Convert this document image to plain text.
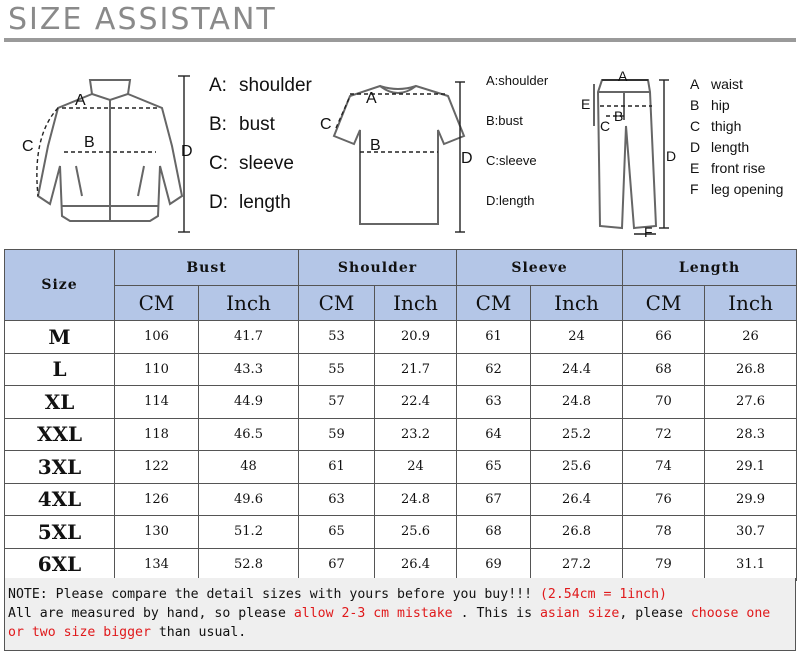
SIZE ASSISTANT
A
B
C	D
A: shoulder
B: bust
C: sleeve
D: length
A
B
C
D
A:shoulder
B:bust
C:sleeve
D:length
A
B
C
D
E
F
A waist
B hip
C thigh
D length
E front rise
F leg opening
Size	Bust		Shoulder		Sleeve		Length	
	CM	Inch	CM	Inch	CM	Inch	CM	Inch
M	106	41.7	53	20.9	61	24	66	26
L	110	43.3	55	21.7	62	24.4	68	26.8
XL	114	44.9	57	22.4	63	24.8	70	27.6
XXL	118	46.5	59	23.2	64	25.2	72	28.3
3XL	122	48	61	24	65	25.6	74	29.1
4XL	126	49.6	63	24.8	67	26.4	76	29.9
5XL	130	51.2	65	25.6	68	26.8	78	30.7
6XL	134	52.8	67	26.4	69	27.2	79	31.1
NOTE: Please compare the detail sizes with yours before you buy!!! (2.54cm = 1inch)
All are measured by hand, so please allow 2-3 cm mistake . This is asian size, please choose one
or two size bigger than usual.
